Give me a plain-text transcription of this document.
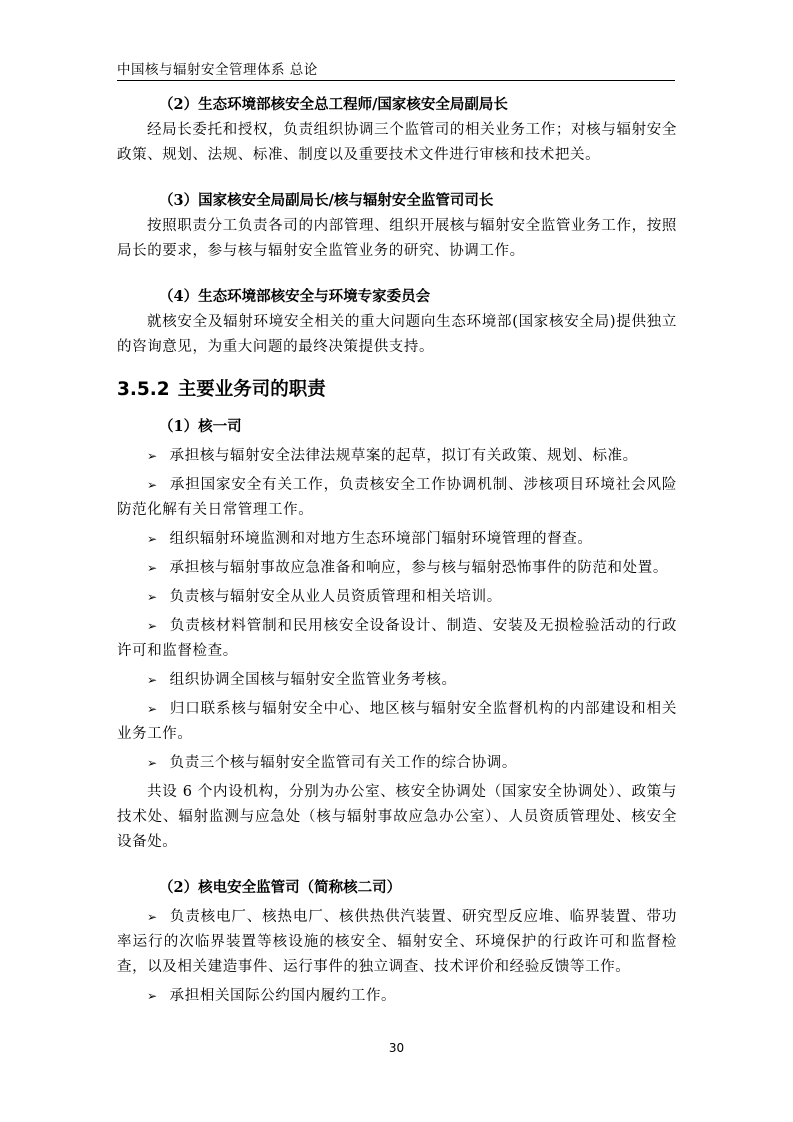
中国核与辐射安全管理体系 总论

（2）生态环境部核安全总工程师/国家核安全局副局长

经局长委托和授权，负责组织协调三个监管司的相关业务工作；对核与辐射安全政策、规划、法规、标准、制度以及重要技术文件进行审核和技术把关。

（3）国家核安全局副局长/核与辐射安全监管司司长

按照职责分工负责各司的内部管理、组织开展核与辐射安全监管业务工作，按照局长的要求，参与核与辐射安全监管业务的研究、协调工作。

（4）生态环境部核安全与环境专家委员会

就核安全及辐射环境安全相关的重大问题向生态环境部(国家核安全局)提供独立的咨询意见，为重大问题的最终决策提供支持。

3.5.2 主要业务司的职责

（1）核一司

➢ 承担核与辐射安全法律法规草案的起草，拟订有关政策、规划、标准。

➢ 承担国家安全有关工作，负责核安全工作协调机制、涉核项目环境社会风险防范化解有关日常管理工作。

➢ 组织辐射环境监测和对地方生态环境部门辐射环境管理的督查。

➢ 承担核与辐射事故应急准备和响应，参与核与辐射恐怖事件的防范和处置。

➢ 负责核与辐射安全从业人员资质管理和相关培训。

➢ 负责核材料管制和民用核安全设备设计、制造、安装及无损检验活动的行政许可和监督检查。

➢ 组织协调全国核与辐射安全监管业务考核。

➢ 归口联系核与辐射安全中心、地区核与辐射安全监督机构的内部建设和相关业务工作。

➢ 负责三个核与辐射安全监管司有关工作的综合协调。

共设 6 个内设机构，分别为办公室、核安全协调处（国家安全协调处）、政策与技术处、辐射监测与应急处（核与辐射事故应急办公室）、人员资质管理处、核安全设备处。

（2）核电安全监管司（简称核二司）

➢ 负责核电厂、核热电厂、核供热供汽装置、研究型反应堆、临界装置、带功率运行的次临界装置等核设施的核安全、辐射安全、环境保护的行政许可和监督检查，以及相关建造事件、运行事件的独立调查、技术评价和经验反馈等工作。

➢ 承担相关国际公约国内履约工作。

30
